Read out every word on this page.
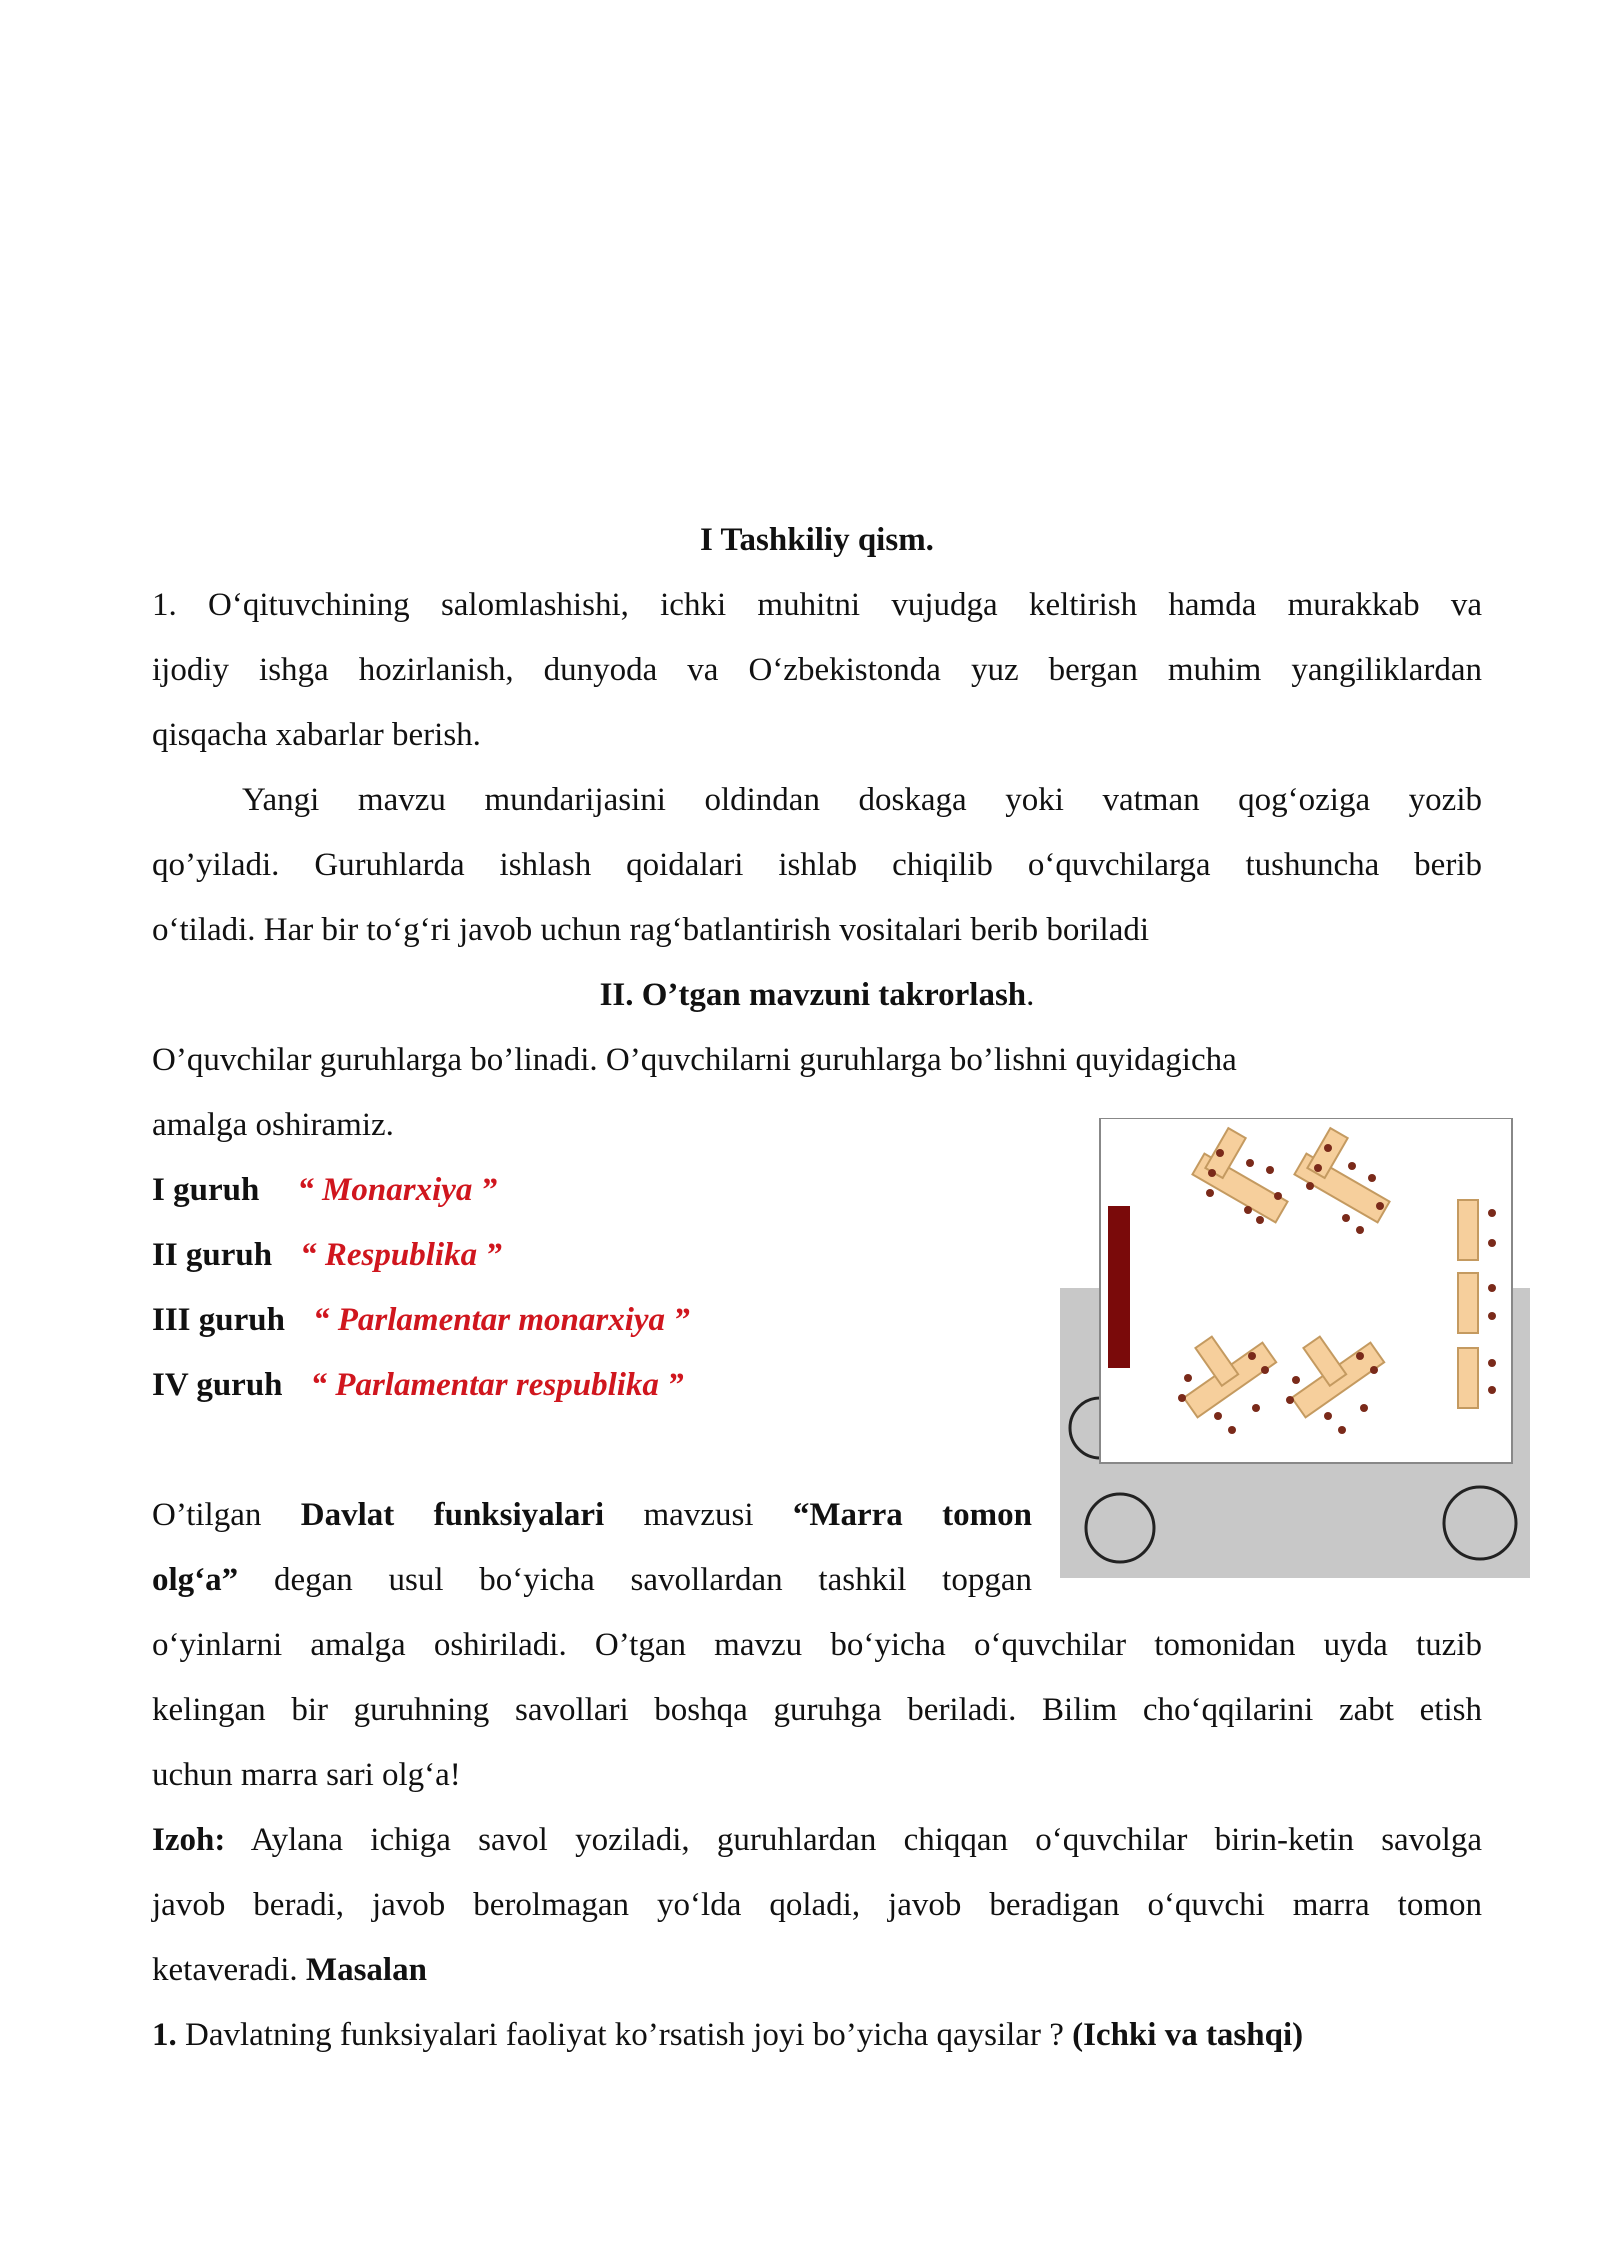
I Tashkiliy qism.
1. O‘qituvchining salomlashishi, ichki muhitni vujudga keltirish hamda murakkab va
ijodiy ishga hozirlanish, dunyoda va O‘zbekistonda yuz bergan muhim yangiliklardan
qisqacha xabarlar berish.
Yangi mavzu mundarijasini oldindan doskaga yoki vatman qog‘oziga yozib
qo’yiladi. Guruhlarda ishlash qoidalari ishlab chiqilib o‘quvchilarga tushuncha berib
o‘tiladi. Har bir to‘g‘ri javob uchun rag‘batlantirish vositalari berib boriladi
II. O’tgan mavzuni takrorlash.
O’quvchilar guruhlarga bo’linadi. O’quvchilarni guruhlarga bo’lishni quyidagicha
amalga oshiramiz.
I guruh “ Monarxiya ”
II guruh “ Respublika ”
III guruh “ Parlamentar monarxiya ”
IV guruh “ Parlamentar respublika ”
O’tilgan Davlat funksiyalari mavzusi “Marra tomon
olg‘a” degan usul bo‘yicha savollardan tashkil topgan
o‘yinlarni amalga oshiriladi. O’tgan mavzu bo‘yicha o‘quvchilar tomonidan uyda tuzib
kelingan bir guruhning savollari boshqa guruhga beriladi. Bilim cho‘qqilarini zabt etish
uchun marra sari olg‘a!
Izoh: Aylana ichiga savol yoziladi, guruhlardan chiqqan o‘quvchilar birin-ketin savolga
javob beradi, javob berolmagan yo‘lda qoladi, javob beradigan o‘quvchi marra tomon
ketaveradi. Masalan
1. Davlatning funksiyalari faoliyat ko’rsatish joyi bo’yicha qaysilar ? (Ichki va tashqi)
